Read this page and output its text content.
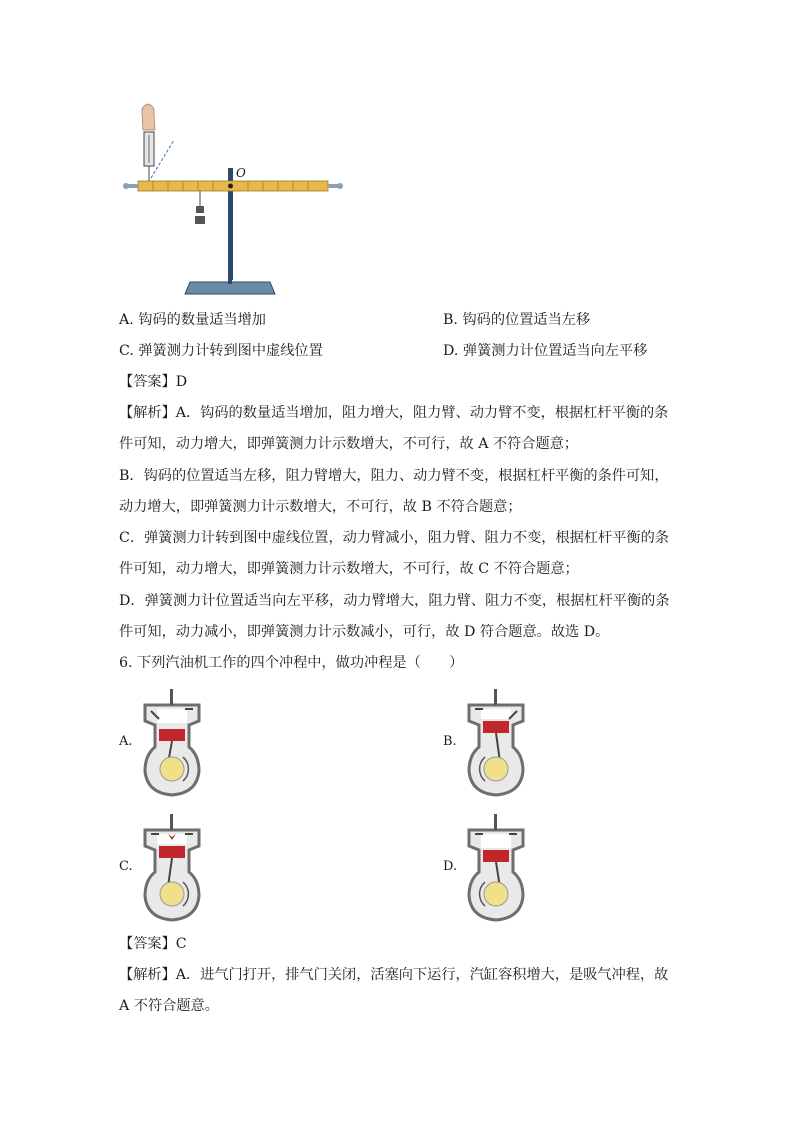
O
A. 钩码的数量适当增加	B. 钩码的位置适当左移
C. 弹簧测力计转到图中虚线位置	D. 弹簧测力计位置适当向左平移
【答案】D
【解析】A．钩码的数量适当增加，阻力增大，阻力臂、动力臂不变，根据杠杆平衡的条
件可知，动力增大，即弹簧测力计示数增大，不可行，故 A 不符合题意；
B．钩码的位置适当左移，阻力臂增大，阻力、动力臂不变，根据杠杆平衡的条件可知，
动力增大，即弹簧测力计示数增大，不可行，故 B 不符合题意；
C．弹簧测力计转到图中虚线位置，动力臂减小，阻力臂、阻力不变，根据杠杆平衡的条
件可知，动力增大，即弹簧测力计示数增大，不可行，故 C 不符合题意；
D．弹簧测力计位置适当向左平移，动力臂增大，阻力臂、阻力不变，根据杠杆平衡的条
件可知，动力减小，即弹簧测力计示数减小，可行，故 D 符合题意。故选 D。
6. 下列汽油机工作的四个冲程中，做功冲程是（　　）
A.	B.
C.	D.
【答案】C
【解析】A．进气门打开，排气门关闭，活塞向下运行，汽缸容积增大，是吸气冲程，故
A 不符合题意。
